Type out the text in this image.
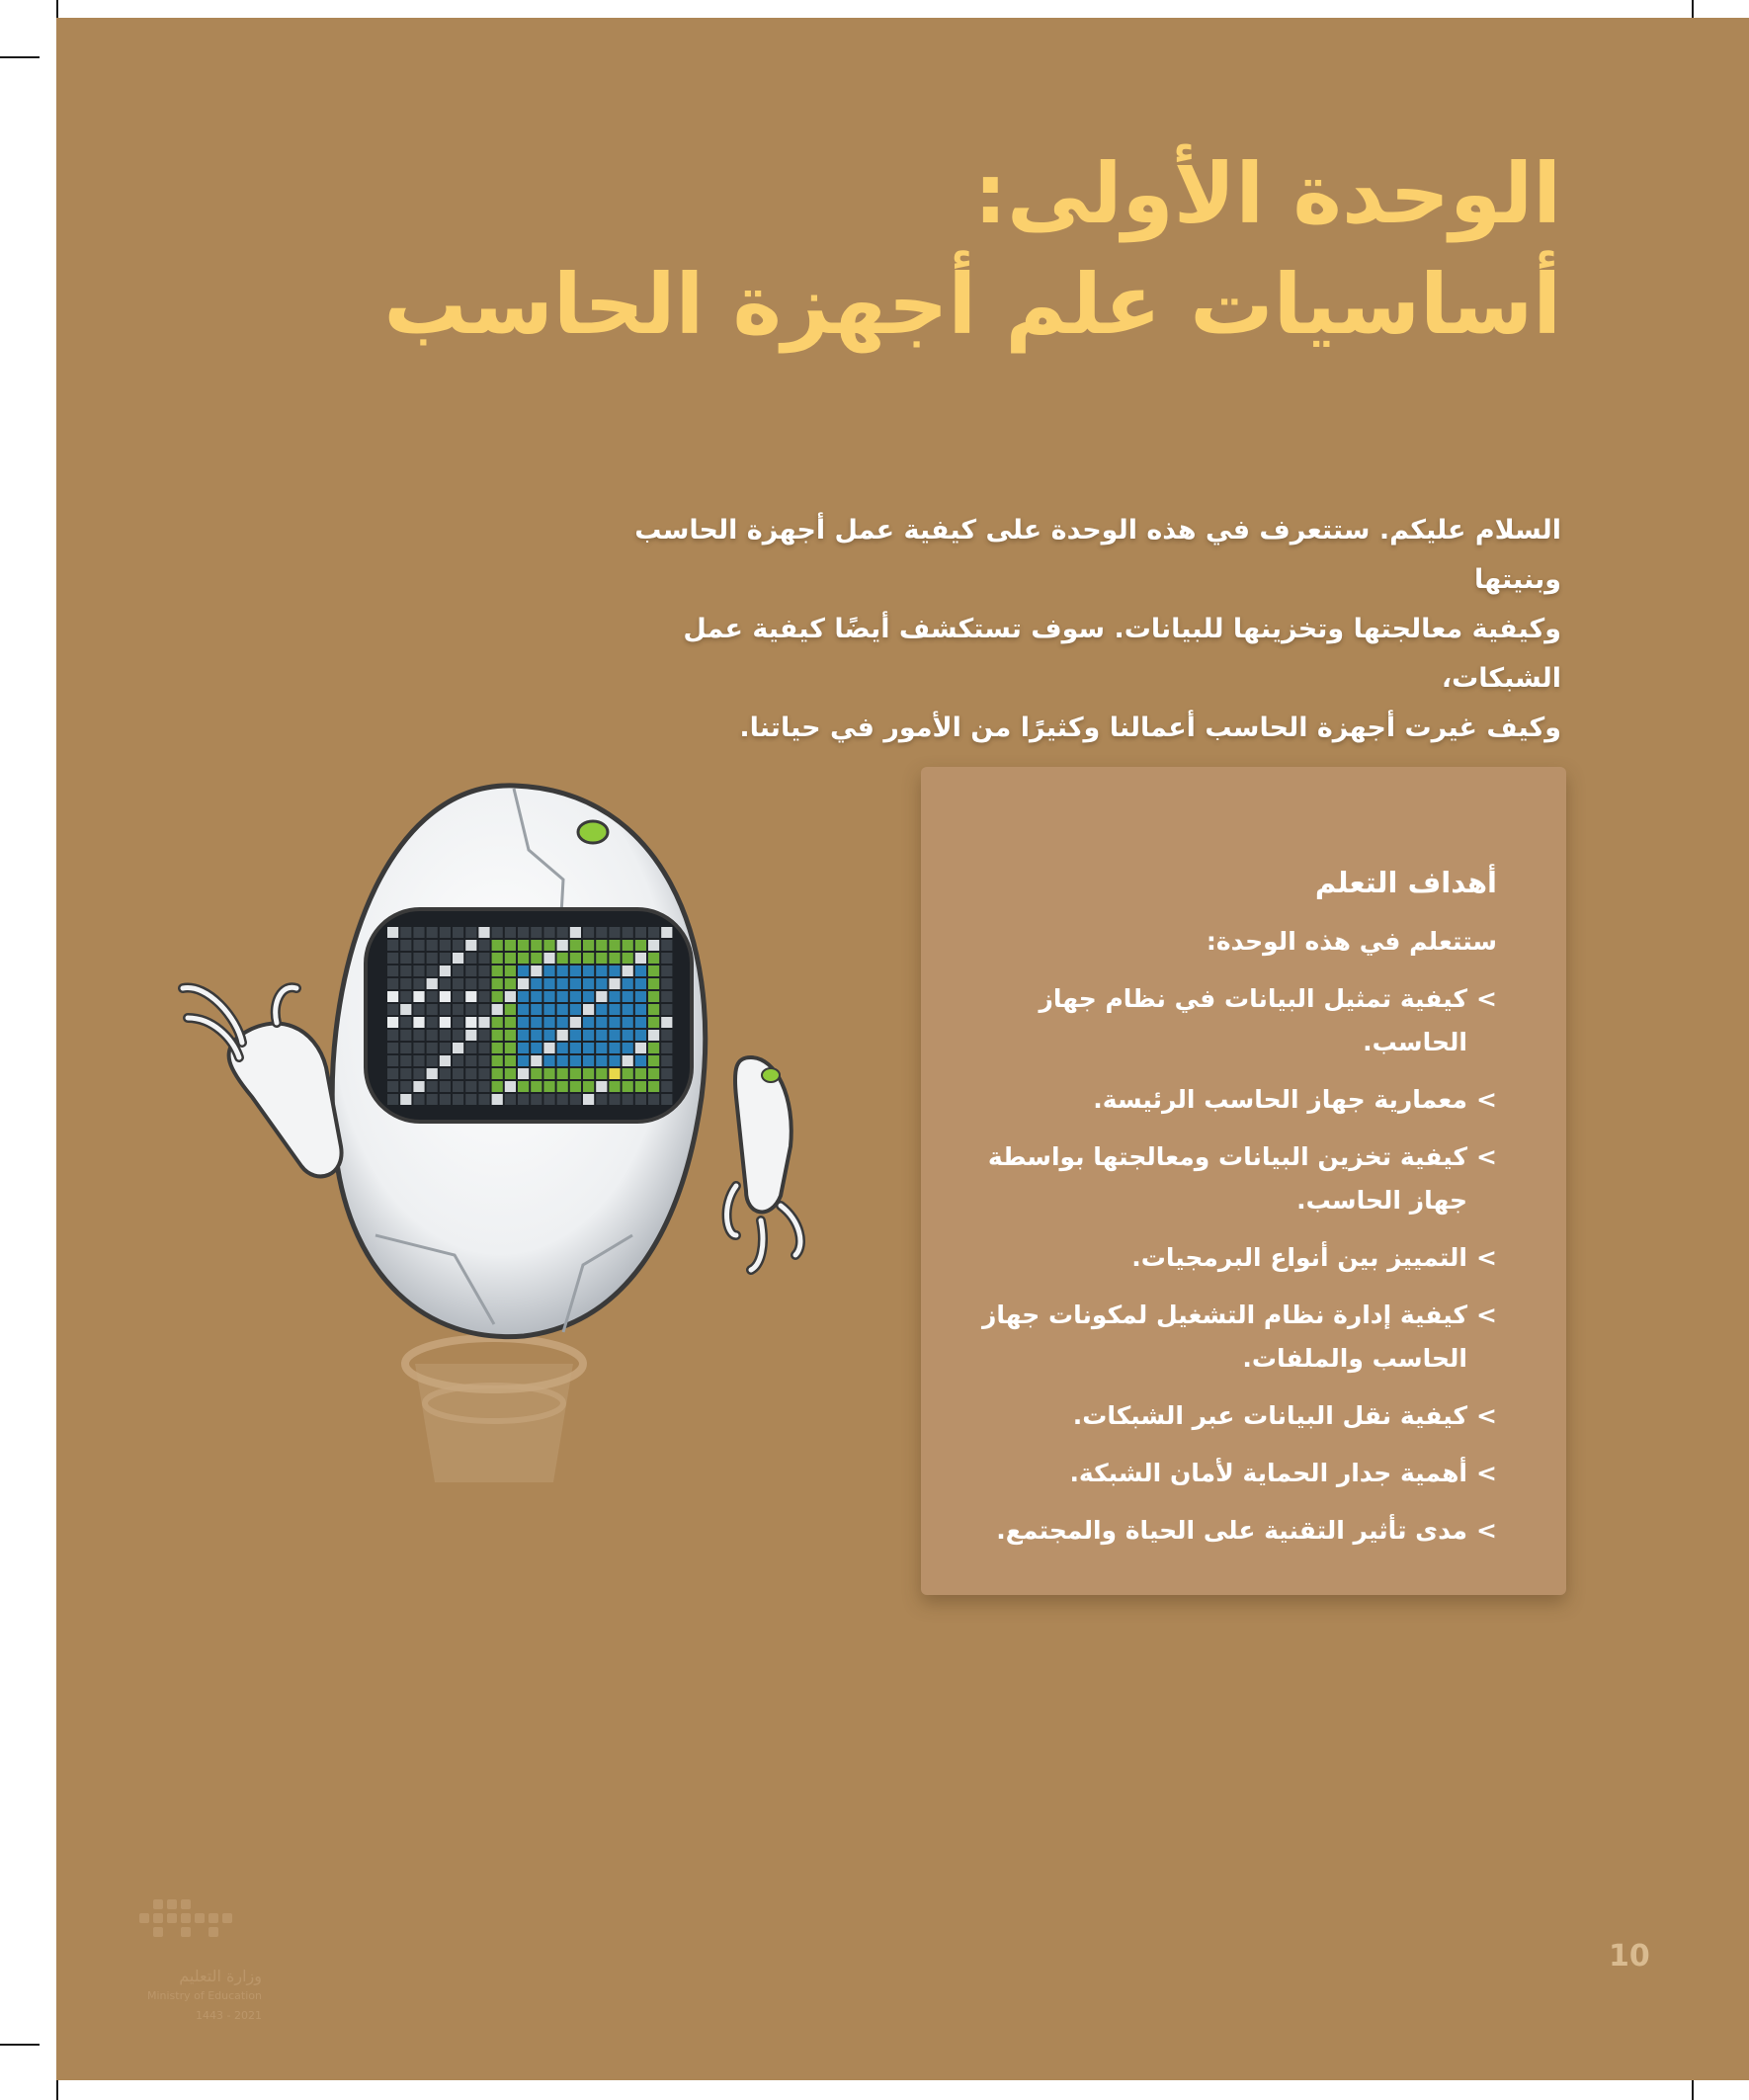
الوحدة الأولى:
أساسيات علم أجهزة الحاسب

السلام عليكم. ستتعرف في هذه الوحدة على كيفية عمل أجهزة الحاسب وبنيتها
وكيفية معالجتها وتخزينها للبيانات. سوف تستكشف أيضًا كيفية عمل الشبكات،
وكيف غيرت أجهزة الحاسب أعمالنا وكثيرًا من الأمور في حياتنا.

أهداف التعلم

ستتعلم في هذه الوحدة:

>
كيفية تمثيل البيانات في نظام جهاز الحاسب.
>
معمارية جهاز الحاسب الرئيسة.
>
كيفية تخزين البيانات ومعالجتها بواسطة جهاز الحاسب.
>
التمييز بين أنواع البرمجيات.
>
كيفية إدارة نظام التشغيل لمكونات جهاز الحاسب والملفات.
>
كيفية نقل البيانات عبر الشبكات.
>
أهمية جدار الحماية لأمان الشبكة.
>
مدى تأثير التقنية على الحياة والمجتمع.
وزارة التعليم
Ministry of Education
2021 - 1443
10
